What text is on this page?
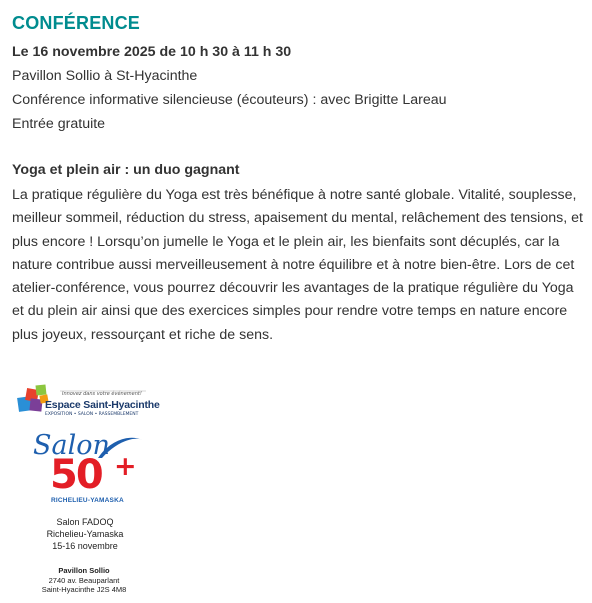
CONFÉRENCE
Le 16 novembre 2025 de 10 h 30 à 11 h 30
Pavillon Sollio à St-Hyacinthe
Conférence informative silencieuse (écouteurs) : avec Brigitte Lareau
Entrée gratuite
Yoga et plein air : un duo gagnant
La pratique régulière du Yoga est très bénéfique à notre santé globale. Vitalité, souplesse,
meilleur sommeil, réduction du stress, apaisement du mental, relâchement des tensions, et
plus encore ! Lorsqu’on jumelle le Yoga et le plein air, les bienfaits sont décuplés, car la
nature contribue aussi merveilleusement à notre équilibre et à notre bien-être. Lors de cet
atelier-conférence, vous pourrez découvrir les avantages de la pratique régulière du Yoga
et du plein air ainsi que des exercices simples pour rendre votre temps en nature encore
plus joyeux, ressourçant et riche de sens.
Innovez dans votre événement!
Espace Saint-Hyacinthe
EXPOSITION • SALON • RASSEMBLEMENT
Salon
50 +
RICHELIEU-YAMASKA
Salon FADOQ
Richelieu-Yamaska
15-16 novembre
Pavillon Sollio
2740 av. Beauparlant
Saint-Hyacinthe J2S 4M8
